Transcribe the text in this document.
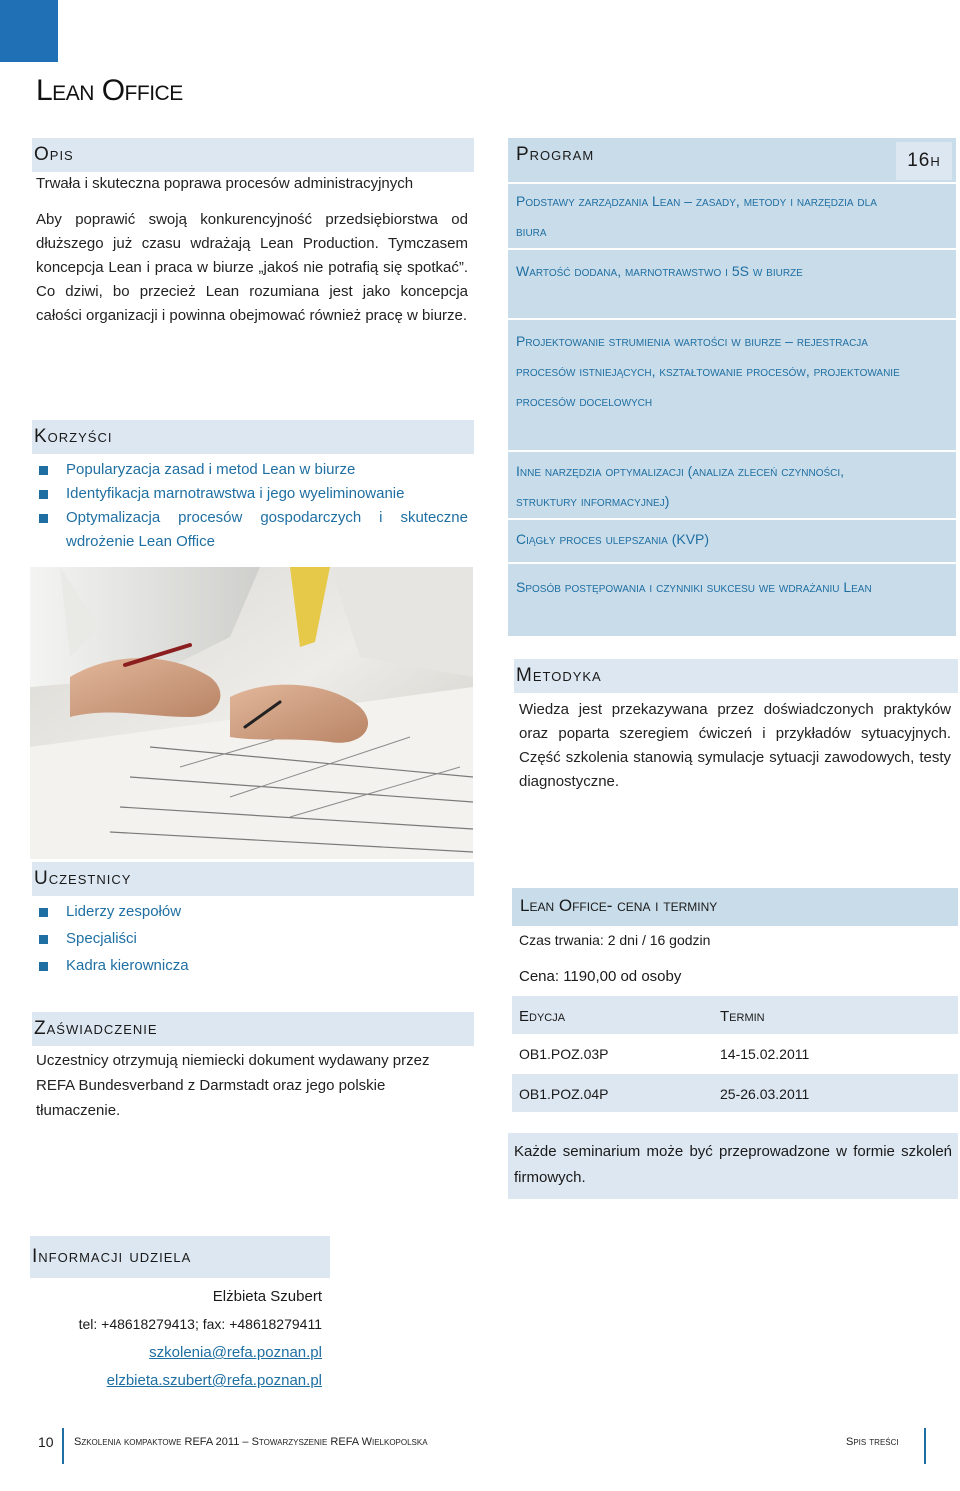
Lean Office
Opis
Trwała i skuteczna poprawa procesów administracyjnych
Aby poprawić swoją konkurencyjność przedsiębiorstwa od dłuższego już czasu wdrażają Lean Production. Tymczasem koncepcja Lean i praca w biurze „jakoś nie potrafią się spotkać”. Co dziwi, bo przecież Lean rozumiana jest jako koncepcja całości organizacji i powinna obejmować również pracę w biurze.
Korzyści
Popularyzacja zasad i metod Lean w biurze
Identyfikacja marnotrawstwa i jego wyeliminowanie
Optymalizacja procesów gospodarczych i skuteczne wdrożenie Lean Office
Program	16h
Podstawy zarządzania Lean – zasady, metody i narzędzia dla biura
Wartość dodana, marnotrawstwo i 5S w biurze
Projektowanie strumienia wartości w biurze – rejestracja procesów istniejących, kształtowanie procesów, projektowanie procesów docelowych
Inne narzędzia optymalizacji (analiza zleceń czynności, struktury informacyjnej)
Ciągły proces ulepszania (KVP)
Sposób postępowania i czynniki sukcesu we wdrażaniu Lean
Metodyka
Wiedza jest przekazywana przez doświadczonych praktyków oraz poparta szeregiem ćwiczeń i przykładów sytuacyjnych. Część szkolenia stanowią symulacje sytuacji zawodowych, testy diagnostyczne.
Uczestnicy
Liderzy zespołów
Specjaliści
Kadra kierownicza
Zaświadczenie
Uczestnicy otrzymują niemiecki dokument wydawany przez REFA Bundesverband z Darmstadt oraz jego polskie tłumaczenie.
Lean Office- cena i terminy
Czas trwania: 2 dni / 16 godzin
Cena: 1190,00 od osoby
Edycja	Termin
OB1.POZ.03P	14-15.02.2011
OB1.POZ.04P	25-26.03.2011
Każde seminarium może być przeprowadzone w formie szkoleń firmowych.
Informacji udziela
Elżbieta Szubert
tel: +48618279413; fax: +48618279411
szkolenia@refa.poznan.pl
elzbieta.szubert@refa.poznan.pl
10 Szkolenia kompaktowe REFA 2011 – Stowarzyszenie REFA Wielkopolska	Spis treści
